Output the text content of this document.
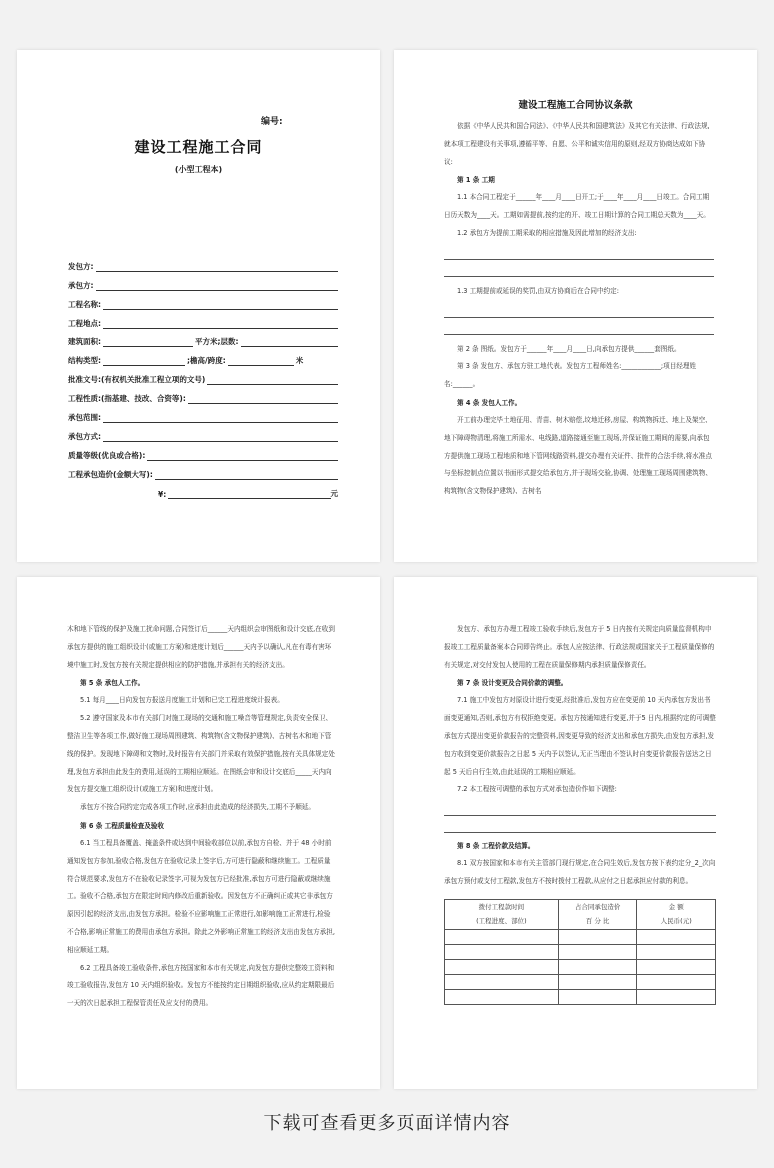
编号:
建设工程施工合同
(小型工程本)
发包方:
承包方:
工程名称:
工程地点:
建筑面积:	平方米;层数:
结构类型:	;檐高/跨度:	米
批准文号:(有权机关批准工程立项的文号)
工程性质:(指基建、技改、合资等):
承包范围:
承包方式:
质量等级(优良或合格):
工程承包造价(金额大写):
¥:	元
建设工程施工合同协议条款
依据《中华人民共和国合同法》、《中华人民共和国建筑法》及其它有关法律、行政法规,就本项工程建设有关事项,遵循平等、自愿、公平和诚实信用的原则,经双方协商达成如下协议:
第 1 条 工期
1.1 本合同工程定于______年____月____日开工;于____年____月____日竣工。合同工期日历天数为____天。工期如需提前,按约定的开、竣工日期计算的合同工期总天数为____天。
1.2 承包方为提前工期采取的相应措施及因此增加的经济支出:
1.3 工期提前或延误的奖罚,由双方协商后在合同中约定:
第 2 条 图纸。发包方于______年____月____日,向承包方提供______套图纸。
第 3 条 发包方、承包方驻工地代表。发包方工程师姓名:____________;项目经理姓名:______。
第 4 条 发包人工作。
开工前办理完毕土地征用、青苗、树木赔偿,坟地迁移,房屋、构筑物拆迁、地上及架空、地下障碍物清理,将施工所需水、电线路,道路接通至施工现场,并保证施工期间的需要,向承包方提供施工现场工程地质和地下管网线路资料,提交办理有关证件、批件的合法手续,将水准点与坐标控制点位置以书面形式提交给承包方,并于现场交验,协调、处理施工现场周围建筑物、构筑物(含文物保护建筑)、古树名
木和地下管线的保护及施工扰命问题,合同签订后______天内组织会审图纸和设计交底,在收到承包方提供的施工组织设计(或施工方案)和进度计划后______天内予以确认,凡在有毒有害环境中施工时,发包方按有关规定提供相应的防护措施,并承担有关的经济支出。
第 5 条 承包人工作。
5.1 每月____日向发包方报送月度施工计划和已完工程进度统计报表。
5.2 遵守国家及本市有关部门对施工现场的交通和施工噪音等管理规定,负责安全保卫、整洁卫生等各项工作,做好施工现场周围建筑、构筑物(含文物保护建筑)、古树名木和地下管线的保护。发现地下障碍和文物时,及时报告有关部门并采取有效保护措施,按有关具体规定处理,发包方承担由此发生的费用,延误的工期相应顺延。在图纸会审和设计交底后_____天内向发包方提交施工组织设计(或施工方案)和进度计划。
承包方不按合同约定完成各项工作时,应承担由此造成的经济损失,工期不予顺延。
第 6 条 工程质量检查及验收
6.1 当工程具备覆盖、掩盖条件或达到中间验收部位以前,承包方自检、并于 48 小时前通知发包方参加,验收合格,发包方在验收记录上签字后,方可进行隐蔽和继续施工。工程质量符合规范要求,发包方不在验收记录签字,可视为发包方已经批准,承包方可进行隐蔽或继续施工。验收不合格,承包方在限定时间内修改后重新验收。因发包方不正确纠正或其它非承包方原因引起的经济支出,由发包方承担。检验不应影响施工正常进行,如影响施工正常进行,检验不合格,影响正常施工的费用由承包方承担。除此之外影响正常施工的经济支出由发包方承担,相应顺延工期。
6.2 工程具备竣工验收条件,承包方按国家和本市有关规定,向发包方提供完整竣工资料和竣工验收报告,发包方 10 天内组织验收。发包方不能按约定日期组织验收,应从约定期限最后一天的次日起承担工程保管责任及应支付的费用。
发包方、承包方办理工程竣工验收手续后,发包方于 5 日内按有关规定向质量监督机构申报竣工工程质量备案本合同即告终止。承包人应按法律、行政法规或国家关于工程质量保修的有关规定,对交付发包人使用的工程在质量保修期内承担质量保修责任。
第 7 条 设计变更及合同价款的调整。
7.1 施工中发包方对原设计进行变更,经批准后,发包方应在变更前 10 天内承包方发出书面变更通知,否则,承包方有权拒绝变更。承包方按通知进行变更,并于5 日内,根据约定的可调整承包方式提出变更价款报告的完整资料,因变更导致的经济支出和承包方损失,由发包方承担,发包方收到变更价款报告之日起 5 天内予以签认,无正当理由不签认时自变更价款报告送达之日起 5 天后自行生效,由此延误的工期相应顺延。
7.2 本工程按可调整的承包方式对承包造价作如下调整:
第 8 条 工程价款及结算。
8.1 双方按国家和本市有关主管部门现行规定,在合同生效后,发包方按下表约定分_2_次向承包方预付或支付工程款,发包方不按时拨付工程款,从应付之日起承担应付款的利息。
拨付工程款时间	占合同承包造价	金 额
(工程进度、部位)	百 分 比	人民币(元)

下载可查看更多页面详情内容
